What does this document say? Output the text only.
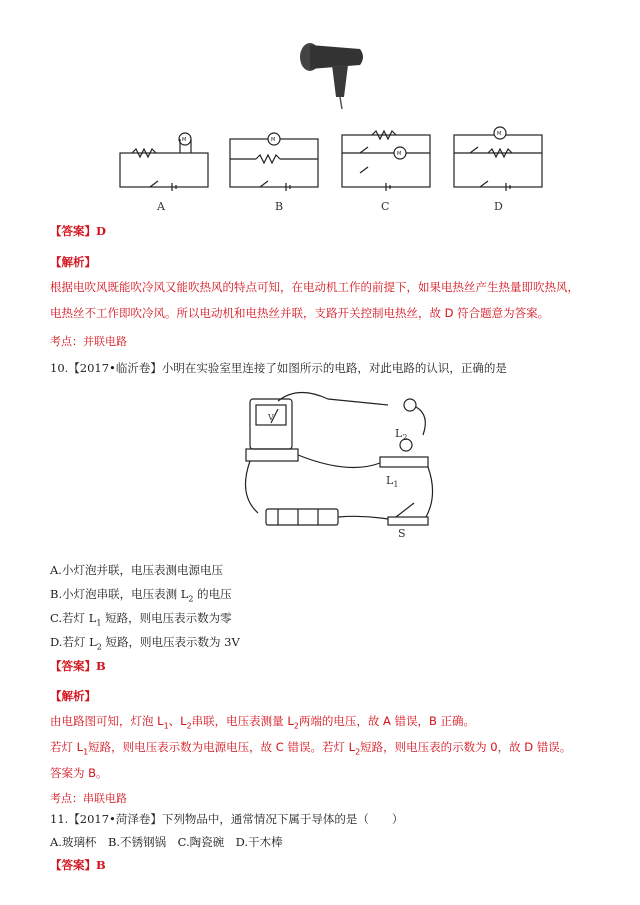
M	M
M
M
A	B	C	D
【答案】D
【解析】
根据电吹风既能吹冷风又能吹热风的特点可知，在电动机工作的前提下，如果电热丝产生热量即吹热风，
电热丝不工作即吹冷风。所以电动机和电热丝并联，支路开关控制电热丝，故 D 符合题意为答案。
考点：并联电路
10.【2017•临沂卷】小明在实验室里连接了如图所示的电路，对此电路的认识，正确的是
$L_2$
$L_1$
S
V
A.小灯泡并联，电压表测电源电压
B.小灯泡串联，电压表测 $L_2$ 的电压
C.若灯 $L_1$ 短路，则电压表示数为零
D.若灯 $L_2$ 短路，则电压表示数为 3V
【答案】B
【解析】
由电路图可知，灯泡 $L_1$、$L_2$串联，电压表测量 $L_2$两端的电压，故 A 错误，B 正确。
若灯 $L_1$短路，则电压表示数为电源电压，故 C 错误。若灯 $L_2$短路，则电压表的示数为 0，故 D 错误。
答案为 B。
考点：串联电路
11.【2017•菏泽卷】下列物品中，通常情况下属于导体的是（　　）
A.玻璃杯　B.不锈钢锅　C.陶瓷碗　D.干木棒
【答案】B
